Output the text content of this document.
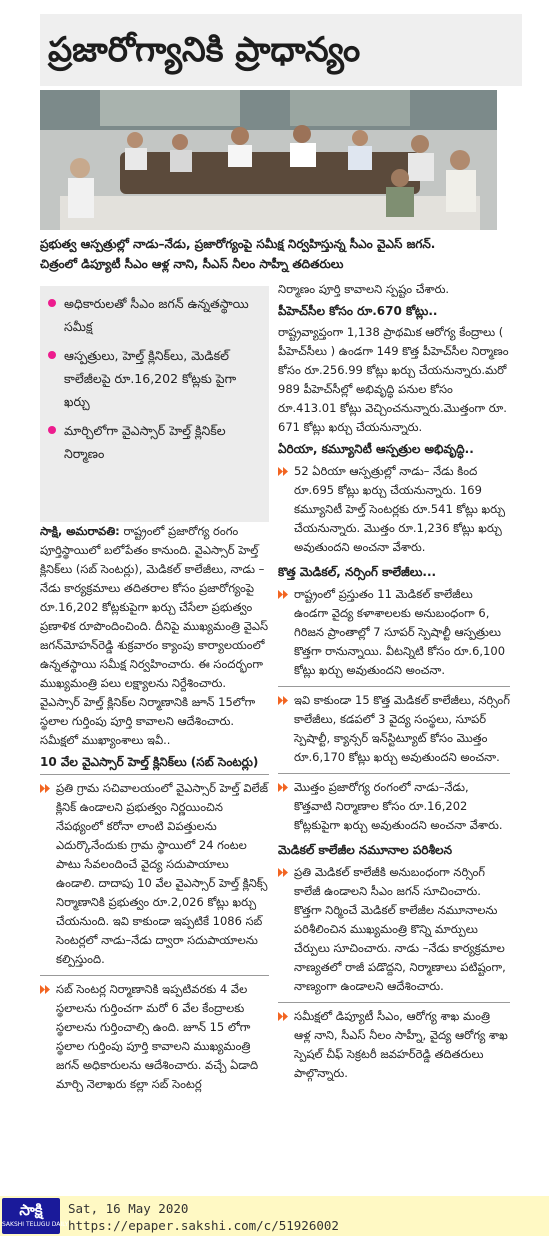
ప్రజారోగ్యానికి ప్రాధాన్యం
ప్రభుత్వ ఆస్పత్రుల్లో నాడు–నేడు, ప్రజారోగ్యంపై సమీక్ష నిర్వహిస్తున్న సీఎం వైఎస్ జగన్.
చిత్రంలో డిప్యూటీ సీఎం ఆళ్ల నాని, సీఎస్ నీలం సాహ్నీ తదితరులు
అధికారులతో సీఎం జగన్ ఉన్నతస్థాయి సమీక్ష
ఆస్పత్రులు, హెల్త్ క్లినిక్‌లు, మెడికల్ కాలేజీలపై రూ.16,202 కోట్లకు పైగా ఖర్చు
మార్చిలోగా వైఎస్సార్ హెల్త్ క్లినిక్‌ల నిర్మాణం

సాక్షి, అమరావతి: రాష్ట్రంలో ప్రజారోగ్య రంగం పూర్తిస్థాయిలో బలోపేతం కానుంది. వైఎస్సార్ హెల్త్ క్లినిక్‌లు (సబ్ సెంటర్లు), మెడికల్ కాలేజీలు, నాడు –నేడు కార్యక్రమాలు తదితరాల కోసం ప్రజారోగ్యంపై రూ.16,202 కోట్లకుపైగా ఖర్చు చేసేలా ప్రభుత్వం ప్రణాళిక రూపొందించింది. దీనిపై ముఖ్యమంత్రి వైఎస్ జగన్‌మోహన్‌రెడ్డి శుక్రవారం క్యాంపు కార్యాలయంలో ఉన్నతస్థాయి సమీక్ష నిర్వహించారు. ఈ సందర్భంగా ముఖ్యమంత్రి పలు లక్ష్యాలను నిర్దేశించారు. వైఎస్సార్ హెల్త్ క్లినిక్‌ల నిర్మాణానికి జూన్ 15లోగా స్థలాల గుర్తింపు పూర్తి కావాలని ఆదేశించారు. సమీక్షలో ముఖ్యాంశాలు ఇవీ..

10 వేల వైఎస్సార్ హెల్త్ క్లినిక్‌లు (సబ్ సెంటర్లు)
ప్రతి గ్రామ సచివాలయంలో వైఎస్సార్ హెల్త్ విలేజ్ క్లినిక్ ఉండాలని ప్రభుత్వం నిర్ణయించిన నేపథ్యంలో కరోనా లాంటి విపత్తులను ఎదుర్కొనేందుకు గ్రామ స్థాయిలో 24 గంటల పాటు సేవలందించే వైద్య సదుపాయాలు ఉండాలి. దాదాపు 10 వేల వైఎస్సార్ హెల్త్ క్లినిక్స్ నిర్మాణానికి ప్రభుత్వం రూ.2,026 కోట్లు ఖర్చు చేయనుంది. ఇవి కాకుండా ఇప్పటికే 1086 సబ్ సెంటర్లలో నాడు–నేడు ద్వారా సదుపాయాలను కల్పిస్తుంది.
సబ్ సెంటర్ల నిర్మాణానికి ఇప్పటివరకు 4 వేల స్థలాలను గుర్తించగా మరో 6 వేల కేంద్రాలకు స్థలాలను గుర్తించాల్సి ఉంది. జూన్ 15 లోగా స్థలాల గుర్తింపు పూర్తి కావాలని ముఖ్యమంత్రి జగన్ అధికారులను ఆదేశించారు. వచ్చే ఏడాది మార్చి నెలాఖరు కల్లా సబ్ సెంటర్ల

నిర్మాణం పూర్తి కావాలని స్పష్టం చేశారు.

పీహెచ్‌సీల కోసం రూ.670 కోట్లు..

రాష్ట్రవ్యాప్తంగా 1,138 ప్రాథమిక ఆరోగ్య కేంద్రాలు ( పీహెచ్‌సీలు ) ఉండగా 149 కొత్త పీహెచ్‌సీల నిర్మాణం కోసం రూ.256.99 కోట్లు ఖర్చు చేయనున్నారు.మరో 989 పీహెచ్‌సీల్లో అభివృద్ధి పనుల కోసం రూ.413.01 కోట్లు వెచ్చించనున్నారు.మొత్తంగా రూ. 671 కోట్లు ఖర్చు చేయనున్నారు.

ఏరియా, కమ్యూనిటీ ఆస్పత్రుల అభివృద్ధి..
52 ఏరియా ఆస్పత్రుల్లో నాడు– నేడు కింద రూ.695 కోట్లు ఖర్చు చేయనున్నారు. 169 కమ్యూనిటీ హెల్త్ సెంటర్లకు రూ.541 కోట్లు ఖర్చు చేయనున్నారు. మొత్తం రూ.1,236 కోట్లు ఖర్చు అవుతుందని అంచనా వేశారు.
కొత్త మెడికల్, నర్సింగ్ కాలేజీలు...
రాష్ట్రంలో ప్రస్తుతం 11 మెడికల్ కాలేజీలు ఉండగా వైద్య కళాశాలలకు అనుబంధంగా 6, గిరిజన ప్రాంతాల్లో 7 సూపర్ స్పెషాల్టీ ఆస్పత్రులు కొత్తగా రానున్నాయి. వీటన్నిటి కోసం రూ.6,100 కోట్లు ఖర్చు అవుతుందని అంచనా.
ఇవి కాకుండా 15 కొత్త మెడికల్ కాలేజీలు, నర్సింగ్ కాలేజీలు, కడపలో 3 వైద్య సంస్థలు, సూపర్ స్పెషాల్టీ, క్యాన్సర్ ఇన్‌స్టిట్యూట్ కోసం మొత్తం రూ.6,170 కోట్లు ఖర్చు అవుతుందని అంచనా.
మొత్తం ప్రజారోగ్య రంగంలో నాడు–నేడు, కొత్తవాటి నిర్మాణాల కోసం రూ.16,202 కోట్లకుపైగా ఖర్చు అవుతుందని అంచనా వేశారు.
మెడికల్ కాలేజీల నమూనాల పరిశీలన
ప్రతి మెడికల్ కాలేజీకి అనుబంధంగా నర్సింగ్ కాలేజీ ఉండాలని సీఎం జగన్ సూచించారు. కొత్తగా నిర్మించే మెడికల్ కాలేజీల నమూనాలను పరిశీలించిన ముఖ్యమంత్రి కొన్ని మార్పులు చేర్పులు సూచించారు. నాడు –నేడు కార్యక్రమాల నాణ్యతలో రాజీ పడొద్దని, నిర్మాణాలు పటిష్టంగా, నాణ్యంగా ఉండాలని ఆదేశించారు.
సమీక్షలో డిప్యూటీ సీఎం, ఆరోగ్య శాఖ మంత్రి ఆళ్ల నాని, సీఎస్ నీలం సాహ్నీ, వైద్య ఆరోగ్య శాఖ స్పెషల్ చీఫ్ సెక్రటరీ జవహర్‌రెడ్డి తదితరులు పాల్గొన్నారు.
సాక్షి
SAKSHI TELUGU DAILY
Sat, 16 May 2020
https://epaper.sakshi.com/c/51926002
